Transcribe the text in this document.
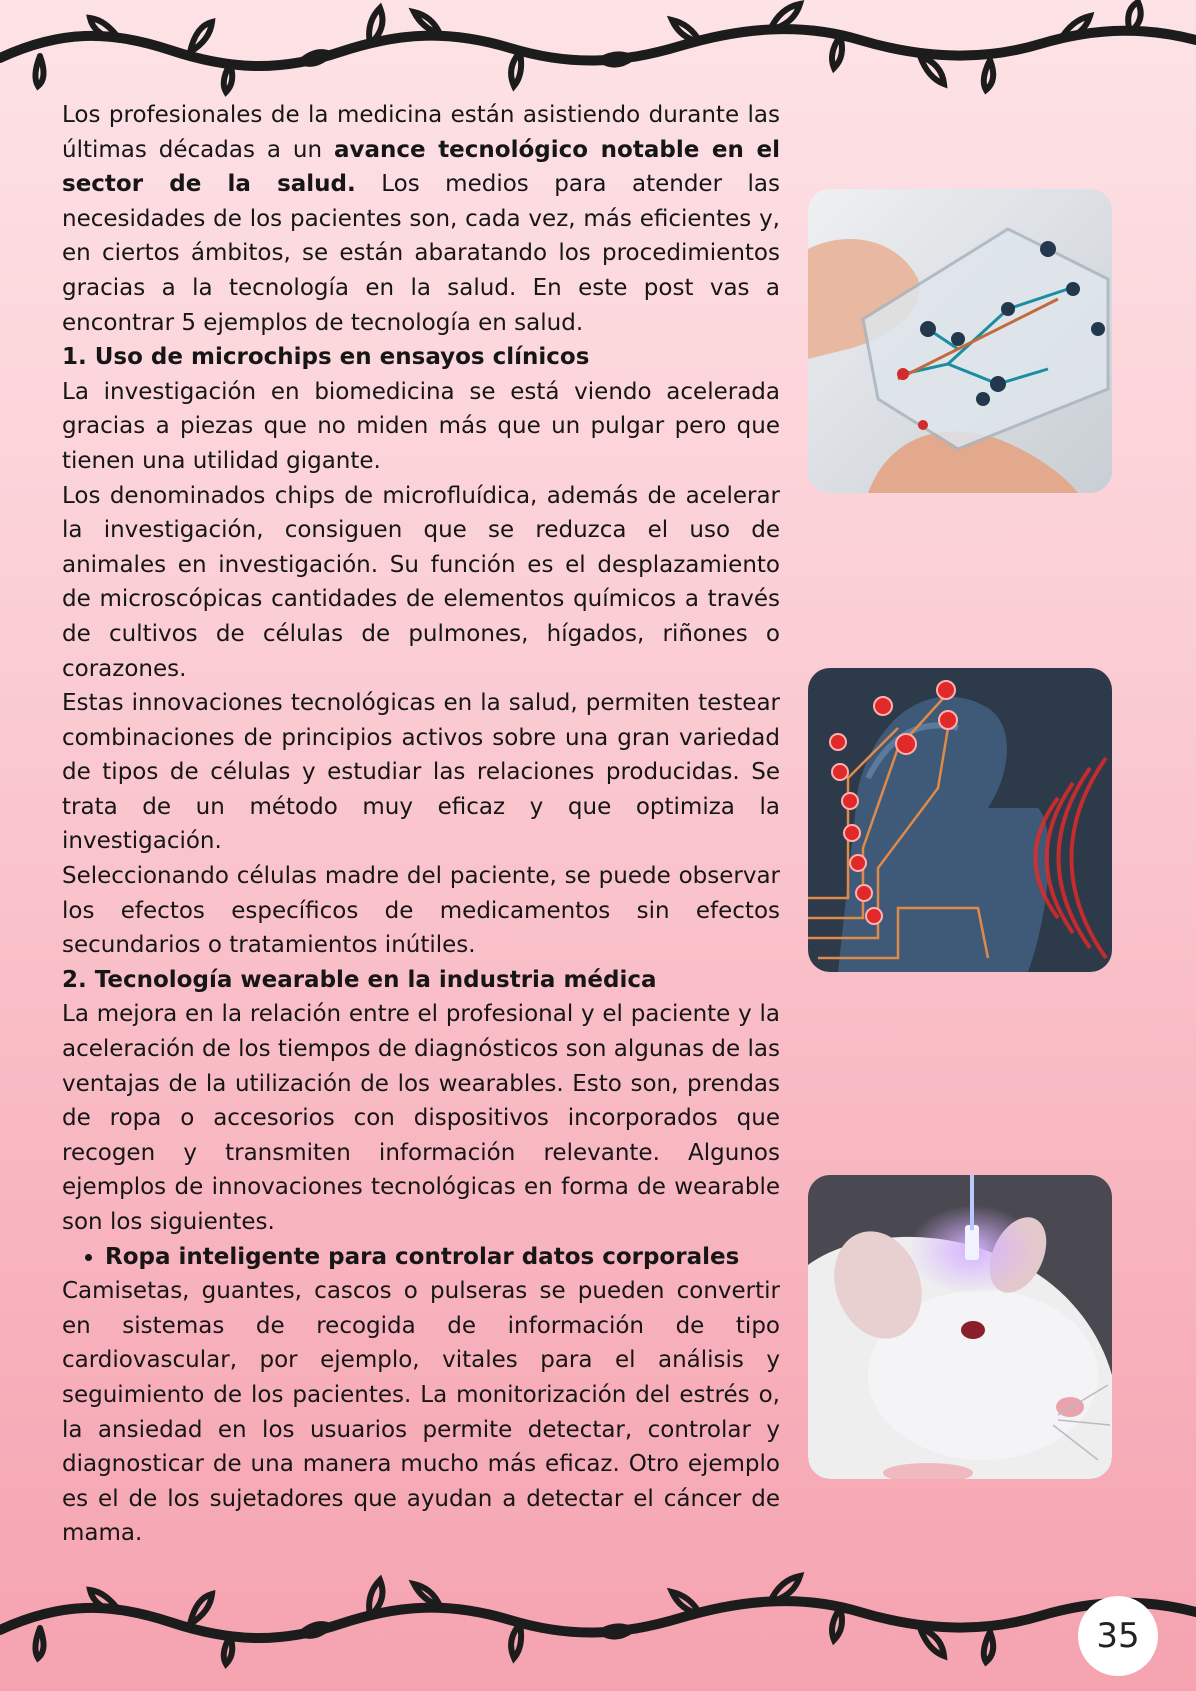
Los profesionales de la medicina están asistiendo durante las últimas décadas a un avance tecnológico notable en el sector de la salud. Los medios para atender las necesidades de los pacientes son, cada vez, más eficientes y, en ciertos ámbitos, se están abaratando los procedimientos gracias a la tecnología en la salud. En este post vas a encontrar 5 ejemplos de tecnología en salud.

1. Uso de microchips en ensayos clínicos

La investigación en biomedicina se está viendo acelerada gracias a piezas que no miden más que un pulgar pero que tienen una utilidad gigante.

Los denominados chips de microfluídica, además de acelerar la investigación, consiguen que se reduzca el uso de animales en investigación. Su función es el desplazamiento de microscópicas cantidades de elementos químicos a través de cultivos de células de pulmones, hígados, riñones o corazones.

Estas innovaciones tecnológicas en la salud, permiten testear combinaciones de principios activos sobre una gran variedad de tipos de células y estudiar las relaciones producidas. Se trata de un método muy eficaz y que optimiza la investigación.

Seleccionando células madre del paciente, se puede observar los efectos específicos de medicamentos sin efectos secundarios o tratamientos inútiles.

2. Tecnología wearable en la industria médica

La mejora en la relación entre el profesional y el paciente y la aceleración de los tiempos de diagnósticos son algunas de las ventajas de la utilización de los wearables. Esto son, prendas de ropa o accesorios con dispositivos incorporados que recogen y transmiten información relevante. Algunos ejemplos de innovaciones tecnológicas en forma de wearable son los siguientes.

• Ropa inteligente para controlar datos corporales

Camisetas, guantes, cascos o pulseras se pueden convertir en sistemas de recogida de información de tipo cardiovascular, por ejemplo, vitales para el análisis y seguimiento de los pacientes. La monitorización del estrés o, la ansiedad en los usuarios permite detectar, controlar y diagnosticar de una manera mucho más eficaz. Otro ejemplo es el de los sujetadores que ayudan a detectar el cáncer de mama.

35
